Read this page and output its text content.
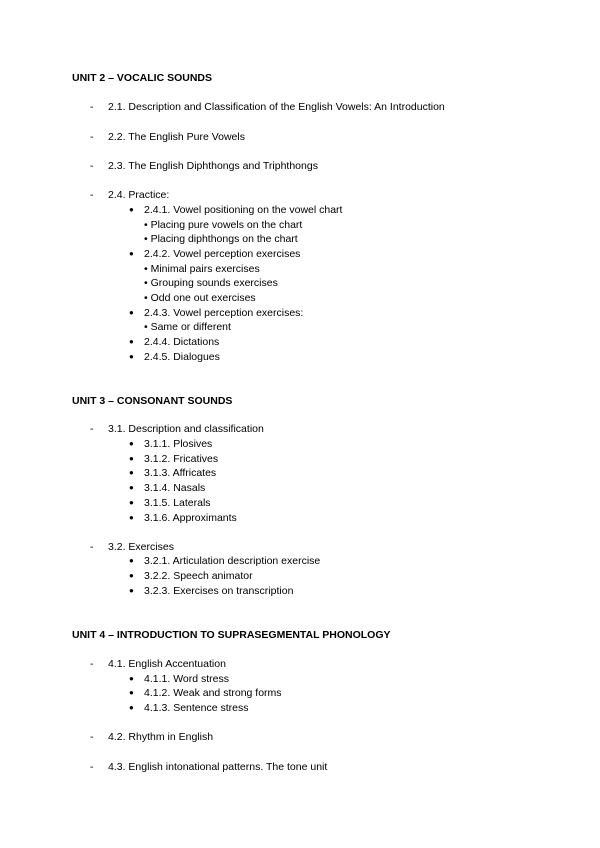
UNIT 2 – VOCALIC SOUNDS
- 2.1. Description and Classification of the English Vowels: An Introduction
- 2.2. The English Pure Vowels
- 2.3. The English Diphthongs and Triphthongs
- 2.4. Practice:
● 2.4.1. Vowel positioning on the vowel chart
• Placing pure vowels on the chart
• Placing diphthongs on the chart
● 2.4.2. Vowel perception exercises
• Minimal pairs exercises
• Grouping sounds exercises
• Odd one out exercises
● 2.4.3. Vowel perception exercises:
• Same or different
● 2.4.4. Dictations
● 2.4.5. Dialogues
UNIT 3 – CONSONANT SOUNDS
- 3.1. Description and classification
● 3.1.1. Plosives
● 3.1.2. Fricatives
● 3.1.3. Affricates
● 3.1.4. Nasals
● 3.1.5. Laterals
● 3.1.6. Approximants
- 3.2. Exercises
● 3.2.1. Articulation description exercise
● 3.2.2. Speech animator
● 3.2.3. Exercises on transcription
UNIT 4 – INTRODUCTION TO SUPRASEGMENTAL PHONOLOGY
- 4.1. English Accentuation
● 4.1.1. Word stress
● 4.1.2. Weak and strong forms
● 4.1.3. Sentence stress
- 4.2. Rhythm in English
- 4.3. English intonational patterns. The tone unit
